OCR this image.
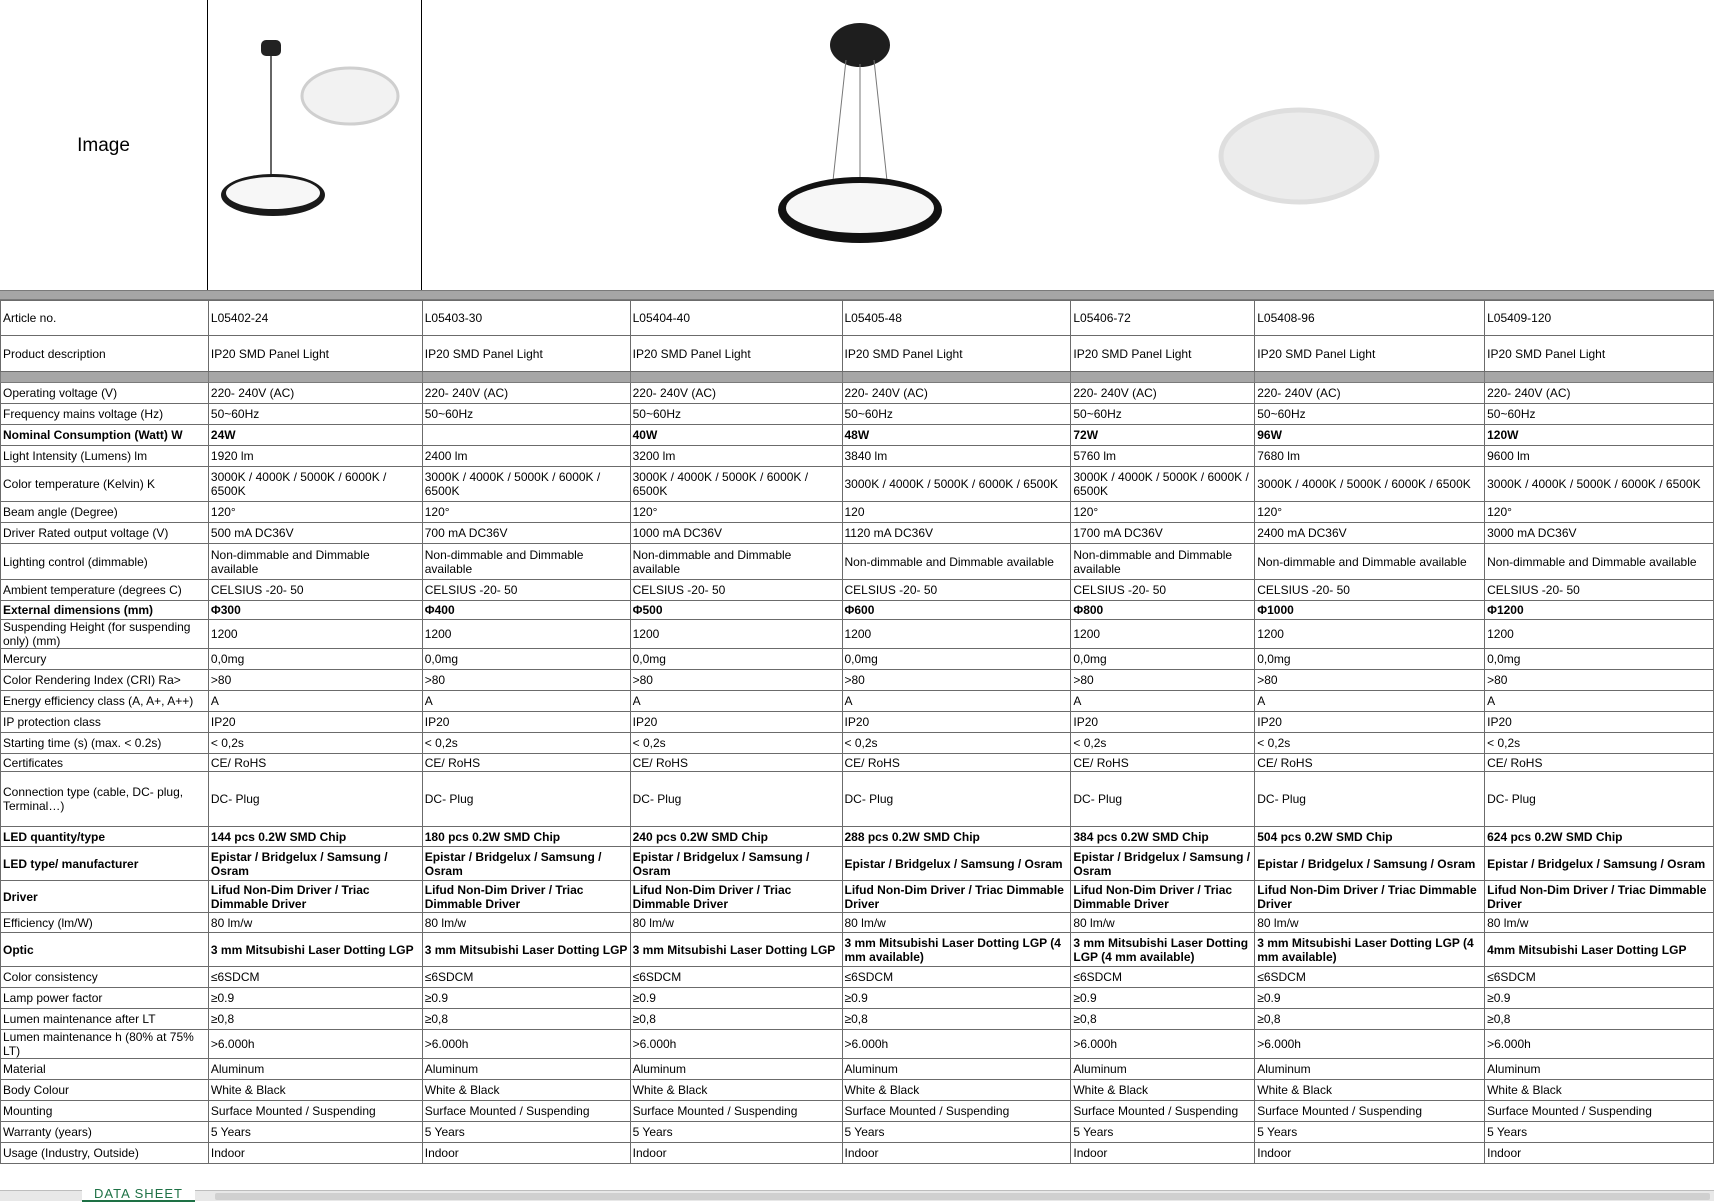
Image
Article no.	L05402-24	L05403-30	L05404-40	L05405-48	L05406-72	L05408-96	L05409-120
Product description	IP20 SMD Panel Light	IP20 SMD Panel Light	IP20 SMD Panel Light	IP20 SMD Panel Light	IP20 SMD Panel Light	IP20 SMD Panel Light	IP20 SMD Panel Light

Operating voltage (V)	220- 240V (AC)	220- 240V (AC)	220- 240V (AC)	220- 240V (AC)	220- 240V (AC)	220- 240V (AC)	220- 240V (AC)
Frequency mains voltage (Hz)	50~60Hz	50~60Hz	50~60Hz	50~60Hz	50~60Hz	50~60Hz	50~60Hz
Nominal Consumption (Watt) W	24W		40W	48W	72W	96W	120W
Light Intensity (Lumens) lm	1920 lm	2400 lm	3200 lm	3840 lm	5760 lm	7680 lm	9600 lm
Color temperature (Kelvin) K	3000K / 4000K / 5000K / 6000K / 6500K	3000K / 4000K / 5000K / 6000K / 6500K	3000K / 4000K / 5000K / 6000K / 6500K	3000K / 4000K / 5000K / 6000K / 6500K	3000K / 4000K / 5000K / 6000K / 6500K	3000K / 4000K / 5000K / 6000K / 6500K	3000K / 4000K / 5000K / 6000K / 6500K
Beam angle (Degree)	120°	120°	120°	120	120°	120°	120°
Driver Rated output voltage (V)	500 mA DC36V	700 mA DC36V	1000 mA DC36V	1120 mA DC36V	1700 mA DC36V	2400 mA DC36V	3000 mA DC36V
Lighting control (dimmable)	Non-dimmable and Dimmable available	Non-dimmable and Dimmable available	Non-dimmable and Dimmable available	Non-dimmable and Dimmable available	Non-dimmable and Dimmable available	Non-dimmable and Dimmable available	Non-dimmable and Dimmable available
Ambient temperature (degrees C)	CELSIUS -20- 50	CELSIUS -20- 50	CELSIUS -20- 50	CELSIUS -20- 50	CELSIUS -20- 50	CELSIUS -20- 50	CELSIUS -20- 50
External dimensions (mm)	Φ300	Φ400	Φ500	Φ600	Φ800	Φ1000	Φ1200
Suspending Height (for suspending only) (mm)	1200	1200	1200	1200	1200	1200	1200
Mercury	0,0mg	0,0mg	0,0mg	0,0mg	0,0mg	0,0mg	0,0mg
Color Rendering Index (CRI) Ra>	>80	>80	>80	>80	>80	>80	>80
Energy efficiency class (A, A+, A++)	A	A	A	A	A	A	A
IP protection class	IP20	IP20	IP20	IP20	IP20	IP20	IP20
Starting time (s) (max. < 0.2s)	< 0,2s	< 0,2s	< 0,2s	< 0,2s	< 0,2s	< 0,2s	< 0,2s
Certificates	CE/ RoHS	CE/ RoHS	CE/ RoHS	CE/ RoHS	CE/ RoHS	CE/ RoHS	CE/ RoHS
Connection type (cable, DC- plug, Terminal…)	DC- Plug	DC- Plug	DC- Plug	DC- Plug	DC- Plug	DC- Plug	DC- Plug
LED quantity/type	144 pcs 0.2W SMD Chip	180 pcs 0.2W SMD Chip	240 pcs 0.2W SMD Chip	288 pcs 0.2W SMD Chip	384 pcs 0.2W SMD Chip	504 pcs 0.2W SMD Chip	624 pcs 0.2W SMD Chip
LED type/ manufacturer	Epistar / Bridgelux / Samsung / Osram	Epistar / Bridgelux / Samsung / Osram	Epistar / Bridgelux / Samsung / Osram	Epistar / Bridgelux / Samsung / Osram	Epistar / Bridgelux / Samsung / Osram	Epistar / Bridgelux / Samsung / Osram	Epistar / Bridgelux / Samsung / Osram
Driver	Lifud Non-Dim Driver / Triac Dimmable Driver	Lifud Non-Dim Driver / Triac Dimmable Driver	Lifud Non-Dim Driver / Triac Dimmable Driver	Lifud Non-Dim Driver / Triac Dimmable Driver	Lifud Non-Dim Driver / Triac Dimmable Driver	Lifud Non-Dim Driver / Triac Dimmable Driver	Lifud Non-Dim Driver / Triac Dimmable Driver
Efficiency (lm/W)	80 lm/w	80 lm/w	80 lm/w	80 lm/w	80 lm/w	80 lm/w	80 lm/w
Optic	3 mm Mitsubishi Laser Dotting LGP	3 mm Mitsubishi Laser Dotting LGP	3 mm Mitsubishi Laser Dotting LGP	3 mm Mitsubishi Laser Dotting LGP (4 mm available)	3 mm Mitsubishi Laser Dotting LGP (4 mm available)	3 mm Mitsubishi Laser Dotting LGP (4 mm available)	4mm Mitsubishi Laser Dotting LGP
Color consistency	≤6SDCM	≤6SDCM	≤6SDCM	≤6SDCM	≤6SDCM	≤6SDCM	≤6SDCM
Lamp power factor	≥0.9	≥0.9	≥0.9	≥0.9	≥0.9	≥0.9	≥0.9
Lumen maintenance after LT	≥0,8	≥0,8	≥0,8	≥0,8	≥0,8	≥0,8	≥0,8
Lumen maintenance h (80% at 75% LT)	>6.000h	>6.000h	>6.000h	>6.000h	>6.000h	>6.000h	>6.000h
Material	Aluminum	Aluminum	Aluminum	Aluminum	Aluminum	Aluminum	Aluminum
Body Colour	White & Black	White & Black	White & Black	White & Black	White & Black	White & Black	White & Black
Mounting	Surface Mounted / Suspending	Surface Mounted / Suspending	Surface Mounted / Suspending	Surface Mounted / Suspending	Surface Mounted / Suspending	Surface Mounted / Suspending	Surface Mounted / Suspending
Warranty (years)	5 Years	5 Years	5 Years	5 Years	5 Years	5 Years	5 Years
Usage (Industry, Outside)	Indoor	Indoor	Indoor	Indoor	Indoor	Indoor	Indoor
DATA SHEET
